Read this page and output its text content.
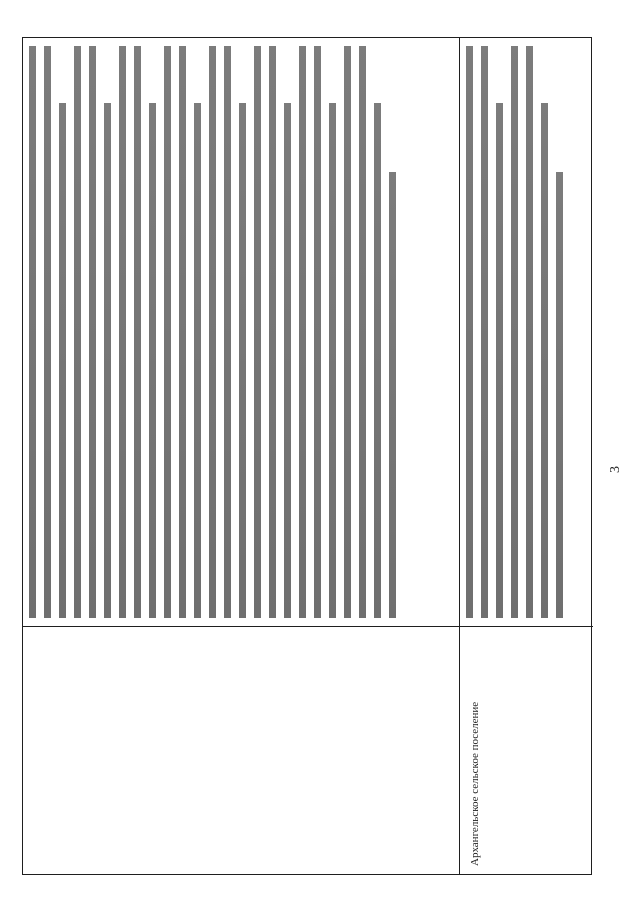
3
Архангельское сельское поселение
